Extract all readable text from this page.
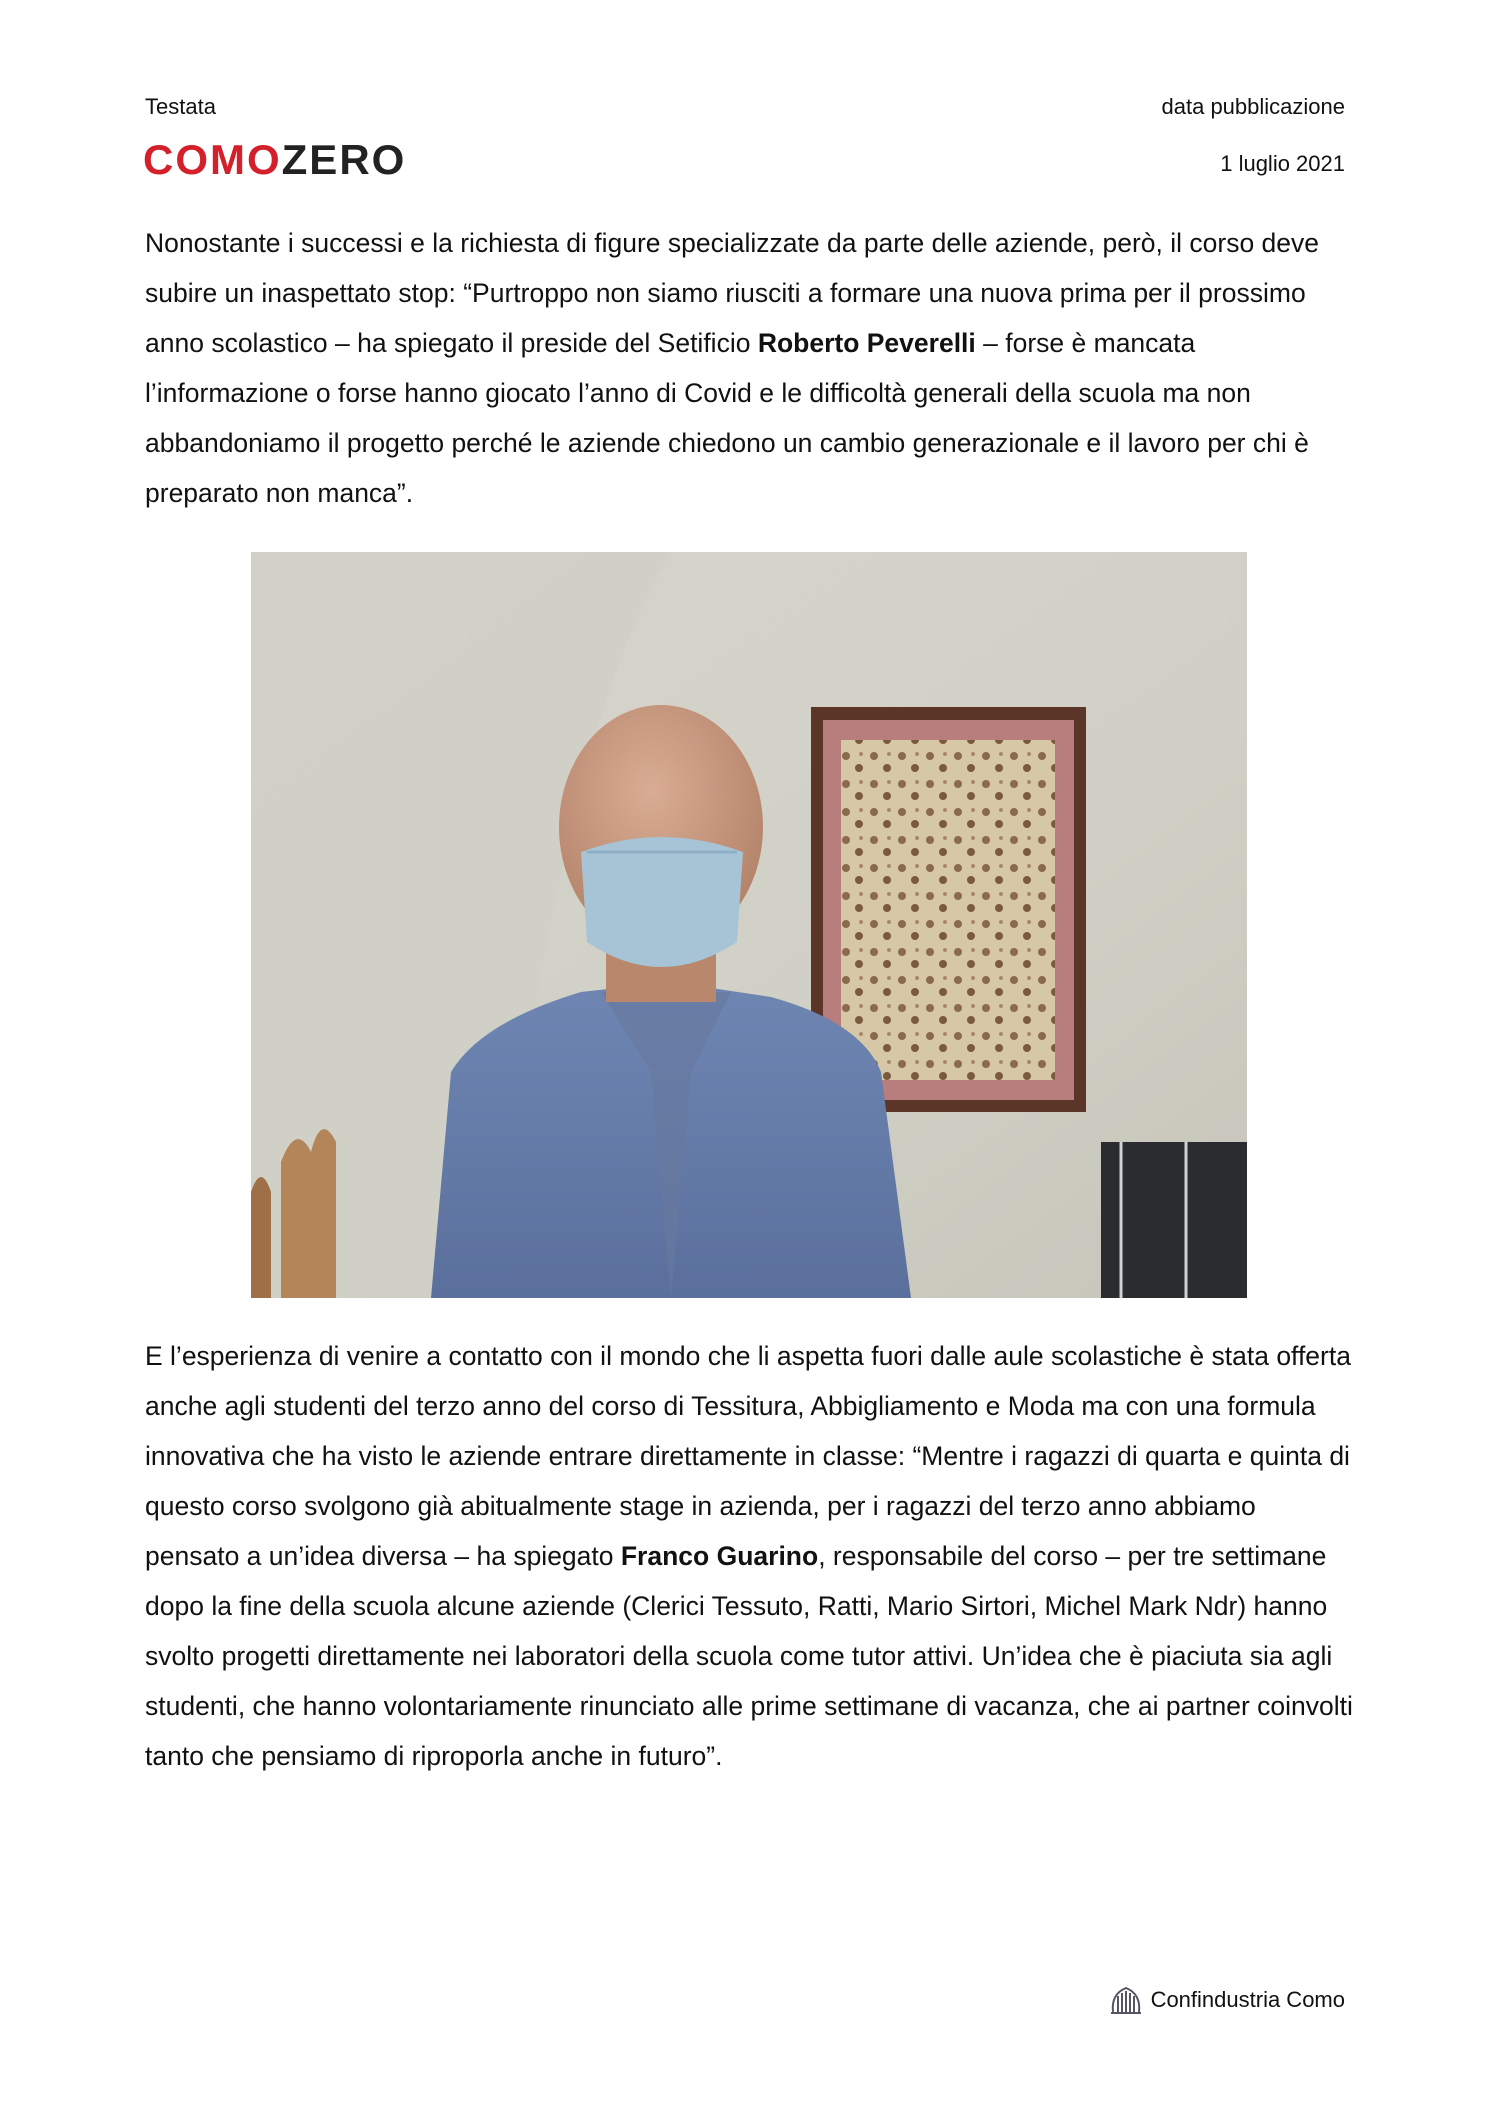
Testata
COMOZERO
data pubblicazione
1 luglio 2021
Nonostante i successi e la richiesta di figure specializzate da parte delle aziende, però, il corso deve subire un inaspettato stop: “Purtroppo non siamo riusciti a formare una nuova prima per il prossimo anno scolastico – ha spiegato il preside del Setificio Roberto Peverelli – forse è mancata l’informazione o forse hanno giocato l’anno di Covid e le difficoltà generali della scuola ma non abbandoniamo il progetto perché le aziende chiedono un cambio generazionale e il lavoro per chi è preparato non manca”.
E l’esperienza di venire a contatto con il mondo che li aspetta fuori dalle aule scolastiche è stata offerta anche agli studenti del terzo anno del corso di Tessitura, Abbigliamento e Moda ma con una formula innovativa che ha visto le aziende entrare direttamente in classe: “Mentre i ragazzi di quarta e quinta di questo corso svolgono già abitualmente stage in azienda, per i ragazzi del terzo anno abbiamo pensato a un’idea diversa – ha spiegato Franco Guarino, responsabile del corso – per tre settimane dopo la fine della scuola alcune aziende (Clerici Tessuto, Ratti, Mario Sirtori, Michel Mark Ndr) hanno svolto progetti direttamente nei laboratori della scuola come tutor attivi. Un’idea che è piaciuta sia agli studenti, che hanno volontariamente rinunciato alle prime settimane di vacanza, che ai partner coinvolti tanto che pensiamo di riproporla anche in futuro”.
Confindustria Como
